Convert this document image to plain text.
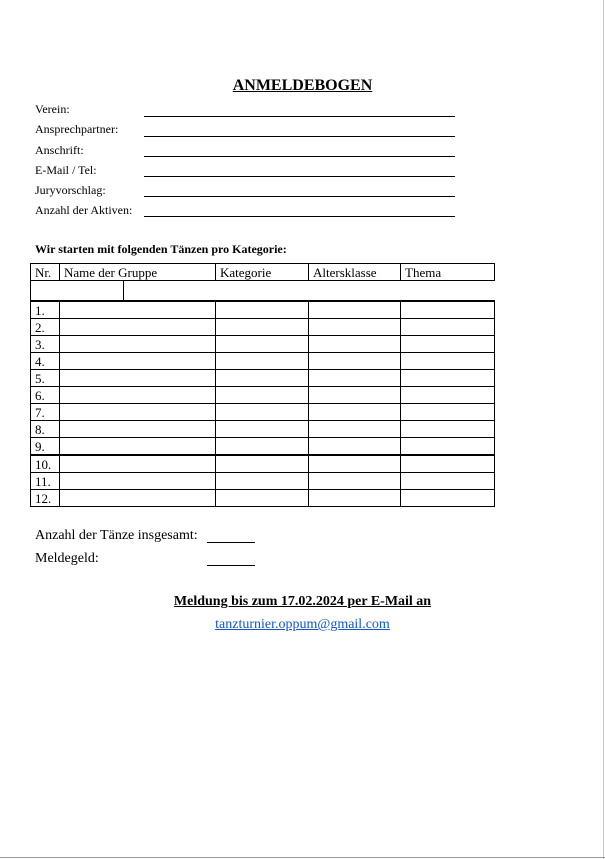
ANMELDEBOGEN
Verein:
Ansprechpartner:
Anschrift:
E-Mail / Tel:
Juryvorschlag:
Anzahl der Aktiven:
Wir starten mit folgenden Tänzen pro Kategorie:
Nr.	Name der Gruppe	Kategorie	Altersklasse	Thema

1.				
2.				
3.				
4.				
5.				
6.				
7.				
8.				
9.				
10.				
11.				
12.				
Anzahl der Tänze insgesamt:
Meldegeld:
Meldung bis zum 17.02.2024 per E-Mail an
tanzturnier.oppum@gmail.com
